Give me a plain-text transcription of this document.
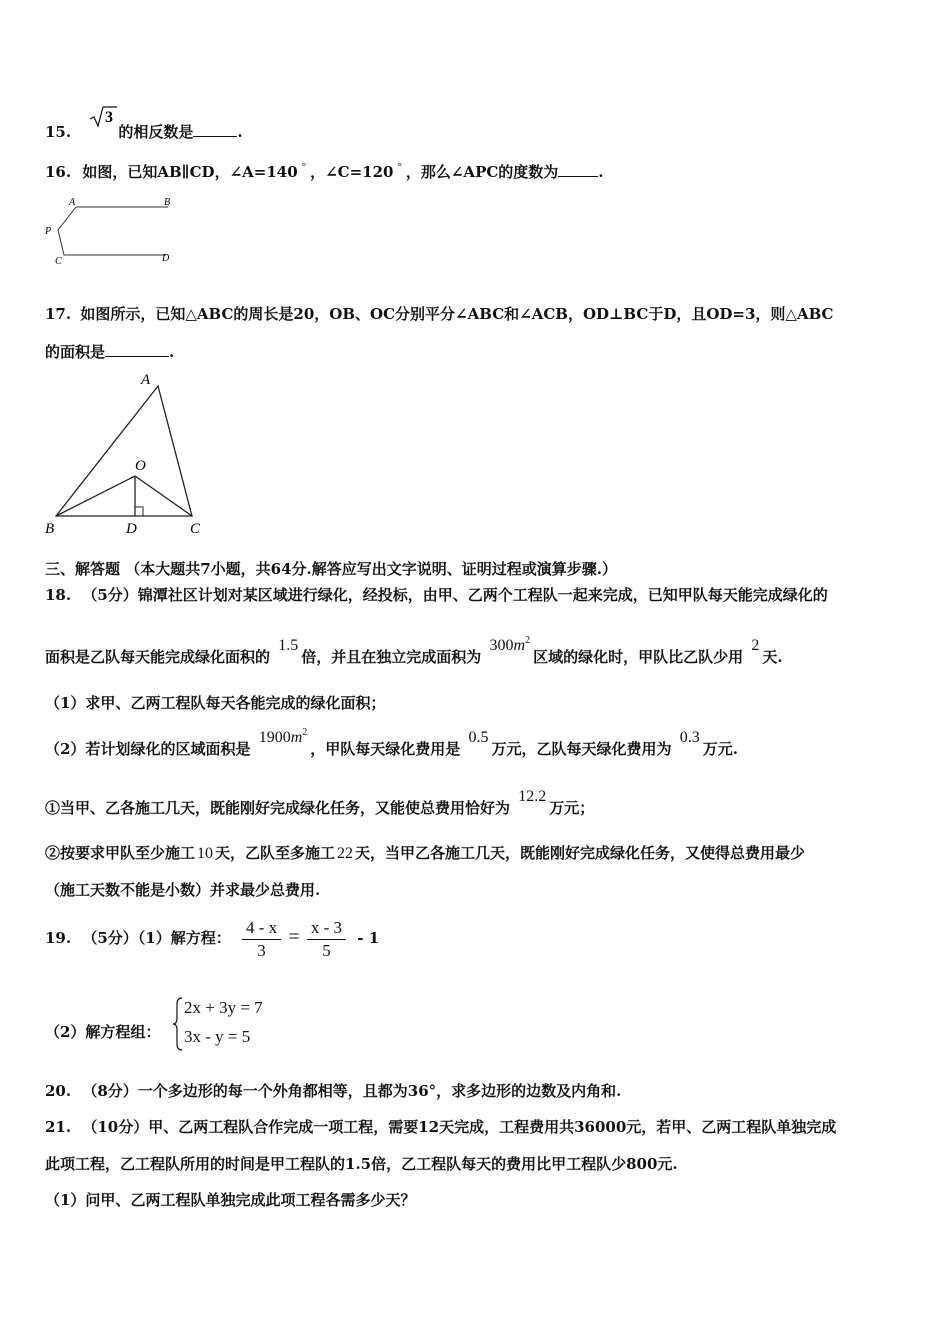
15.
3
的相反数是	.
16. 如图，已知AB∥CD，∠A=140 ° ，∠C=120 ° ，那么∠APC的度数为	.
A	B
P
C	D
17. 如图所示，已知△ABC的周长是20，OB、OC分别平分∠ABC和∠ACB，OD⊥BC于D，且OD=3，则△ABC
的面积是	.
A
O
B	D	C
三、解答题 （本大题共7小题，共64分.解答应写出文字说明、证明过程或演算步骤.）
18. （5分）锦潭社区计划对某区域进行绿化，经投标，由甲、乙两个工程队一起来完成，已知甲队每天能完成绿化的
面积是乙队每天能完成绿化面积的 1.5倍，并且在独立完成面积为 $300m^2$区域的绿化时，甲队比乙队少用 2天.
（1）求甲、乙两工程队每天各能完成的绿化面积；
（2）若计划绿化的区域面积是 $1900m^2$，甲队每天绿化费用是 0.5万元，乙队每天绿化费用为 0.3万元.
①当甲、乙各施工几天，既能刚好完成绿化任务，又能使总费用恰好为 12.2万元；
②按要求甲队至少施工 10 天，乙队至多施工 22 天，当甲乙各施工几天，既能刚好完成绿化任务，又使得总费用最少
（施工天数不能是小数）并求最少总费用.
19. （5分）（1）解方程： $\frac{4 - x}{3} = \frac{x - 3}{5} - 1$
（2）解方程组：
2x + 3y = 7
3x - y = 5
20. （8分）一个多边形的每一个外角都相等，且都为36°，求多边形的边数及内角和.
21. （10分）甲、乙两工程队合作完成一项工程，需要12天完成，工程费用共36000元，若甲、乙两工程队单独完成
此项工程，乙工程队所用的时间是甲工程队的1.5倍，乙工程队每天的费用比甲工程队少800元.
（1）问甲、乙两工程队单独完成此项工程各需多少天？
